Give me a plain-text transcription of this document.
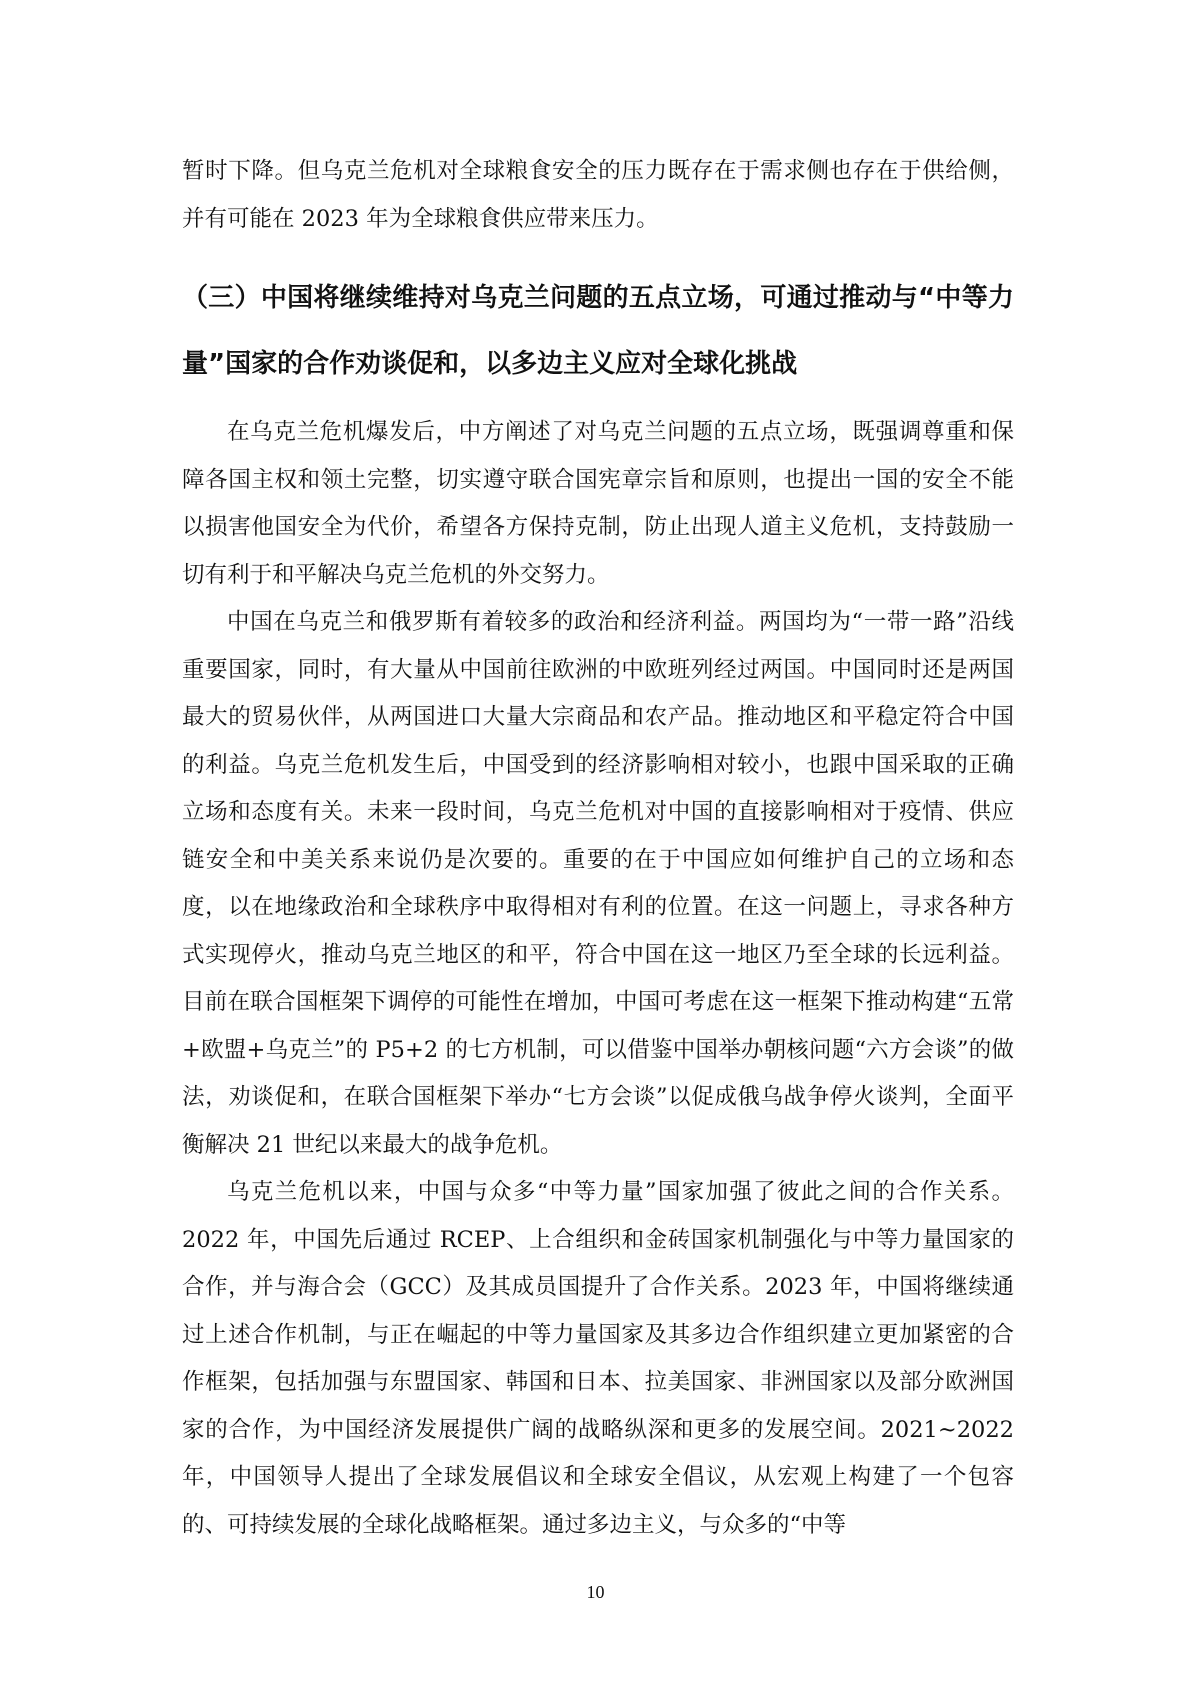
暂时下降。但乌克兰危机对全球粮食安全的压力既存在于需求侧也存在于供给侧，并有可能在 2023 年为全球粮食供应带来压力。

（三）中国将继续维持对乌克兰问题的五点立场，可通过推动与“中等力量”国家的合作劝谈促和，以多边主义应对全球化挑战

在乌克兰危机爆发后，中方阐述了对乌克兰问题的五点立场，既强调尊重和保障各国主权和领土完整，切实遵守联合国宪章宗旨和原则，也提出一国的安全不能以损害他国安全为代价，希望各方保持克制，防止出现人道主义危机，支持鼓励一切有利于和平解决乌克兰危机的外交努力。

中国在乌克兰和俄罗斯有着较多的政治和经济利益。两国均为“一带一路”沿线重要国家，同时，有大量从中国前往欧洲的中欧班列经过两国。中国同时还是两国最大的贸易伙伴，从两国进口大量大宗商品和农产品。推动地区和平稳定符合中国的利益。乌克兰危机发生后，中国受到的经济影响相对较小，也跟中国采取的正确立场和态度有关。未来一段时间，乌克兰危机对中国的直接影响相对于疫情、供应链安全和中美关系来说仍是次要的。重要的在于中国应如何维护自己的立场和态度，以在地缘政治和全球秩序中取得相对有利的位置。在这一问题上，寻求各种方式实现停火，推动乌克兰地区的和平，符合中国在这一地区乃至全球的长远利益。目前在联合国框架下调停的可能性在增加，中国可考虑在这一框架下推动构建“五常+欧盟+乌克兰”的 P5+2 的七方机制，可以借鉴中国举办朝核问题“六方会谈”的做法，劝谈促和，在联合国框架下举办“七方会谈”以促成俄乌战争停火谈判，全面平衡解决 21 世纪以来最大的战争危机。

乌克兰危机以来，中国与众多“中等力量”国家加强了彼此之间的合作关系。2022 年，中国先后通过 RCEP、上合组织和金砖国家机制强化与中等力量国家的合作，并与海合会（GCC）及其成员国提升了合作关系。2023 年，中国将继续通过上述合作机制，与正在崛起的中等力量国家及其多边合作组织建立更加紧密的合作框架，包括加强与东盟国家、韩国和日本、拉美国家、非洲国家以及部分欧洲国家的合作，为中国经济发展提供广阔的战略纵深和更多的发展空间。2021~2022 年，中国领导人提出了全球发展倡议和全球安全倡议，从宏观上构建了一个包容的、可持续发展的全球化战略框架。通过多边主义，与众多的“中等

10
